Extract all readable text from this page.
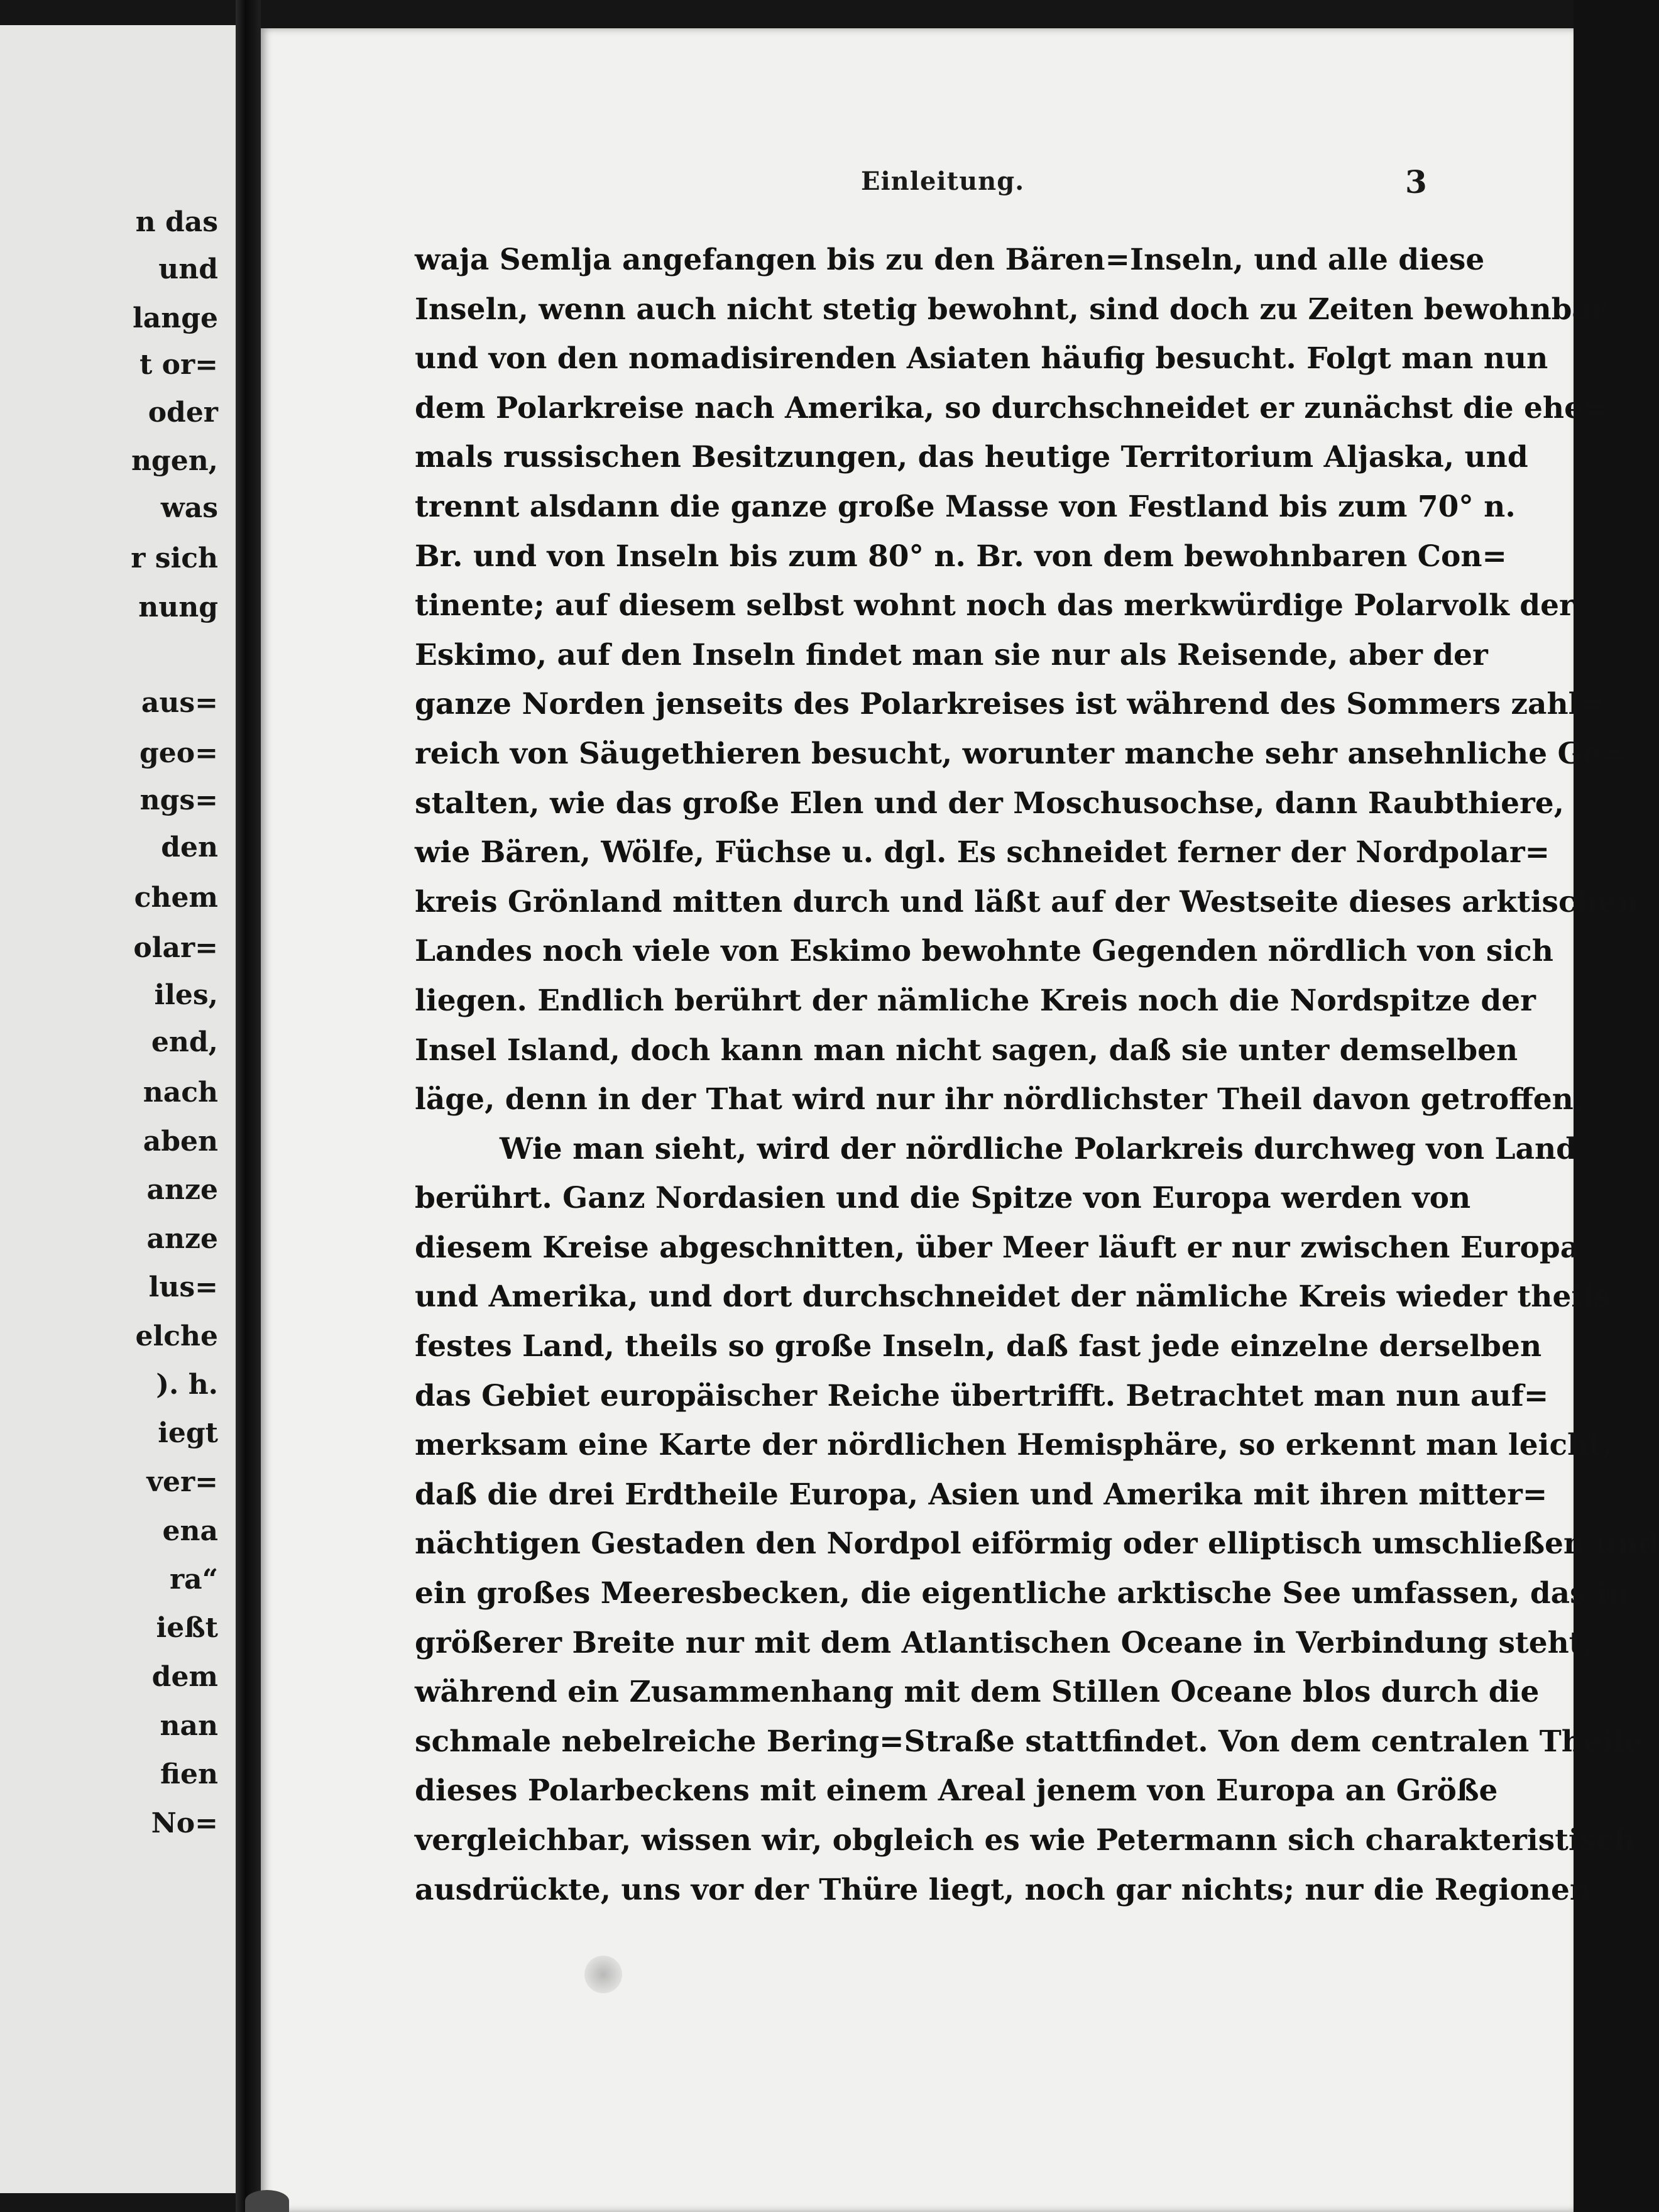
n das
und
lange
t or=
oder
ngen,
was
r sich
nung
aus=
geo=
ngs=
den
chem
olar=
iles,
end,
nach
aben
anze
anze
lus=
elche
). h.
iegt
ver=
ena
ra“
ießt
dem
nan
fien
No=
Einleitung.	3
waja Semlja angefangen bis zu den Bären=Inseln, und alle diese
Inseln, wenn auch nicht stetig bewohnt, sind doch zu Zeiten bewohnbar
und von den nomadisirenden Asiaten häufig besucht. Folgt man nun
dem Polarkreise nach Amerika, so durchschneidet er zunächst die ehe=
mals russischen Besitzungen, das heutige Territorium Aljaska, und
trennt alsdann die ganze große Masse von Festland bis zum 70° n.
Br. und von Inseln bis zum 80° n. Br. von dem bewohnbaren Con=
tinente; auf diesem selbst wohnt noch das merkwürdige Polarvolk der
Eskimo, auf den Inseln findet man sie nur als Reisende, aber der
ganze Norden jenseits des Polarkreises ist während des Sommers zahl=
reich von Säugethieren besucht, worunter manche sehr ansehnliche Ge=
stalten, wie das große Elen und der Moschusochse, dann Raubthiere,
wie Bären, Wölfe, Füchse u. dgl. Es schneidet ferner der Nordpolar=
kreis Grönland mitten durch und läßt auf der Westseite dieses arktischen
Landes noch viele von Eskimo bewohnte Gegenden nördlich von sich
liegen. Endlich berührt der nämliche Kreis noch die Nordspitze der
Insel Island, doch kann man nicht sagen, daß sie unter demselben
läge, denn in der That wird nur ihr nördlichster Theil davon getroffen.
Wie man sieht, wird der nördliche Polarkreis durchweg von Land
berührt. Ganz Nordasien und die Spitze von Europa werden von
diesem Kreise abgeschnitten, über Meer läuft er nur zwischen Europa
und Amerika, und dort durchschneidet der nämliche Kreis wieder theils
festes Land, theils so große Inseln, daß fast jede einzelne derselben
das Gebiet europäischer Reiche übertrifft. Betrachtet man nun auf=
merksam eine Karte der nördlichen Hemisphäre, so erkennt man leicht,
daß die drei Erdtheile Europa, Asien und Amerika mit ihren mitter=
nächtigen Gestaden den Nordpol eiförmig oder elliptisch umschließen und
ein großes Meeresbecken, die eigentliche arktische See umfassen, das in
größerer Breite nur mit dem Atlantischen Oceane in Verbindung steht,
während ein Zusammenhang mit dem Stillen Oceane blos durch die
schmale nebelreiche Bering=Straße stattfindet. Von dem centralen Theile
dieses Polarbeckens mit einem Areal jenem von Europa an Größe
vergleichbar, wissen wir, obgleich es wie Petermann sich charakteristisch
ausdrückte, uns vor der Thüre liegt, noch gar nichts; nur die Regionen
